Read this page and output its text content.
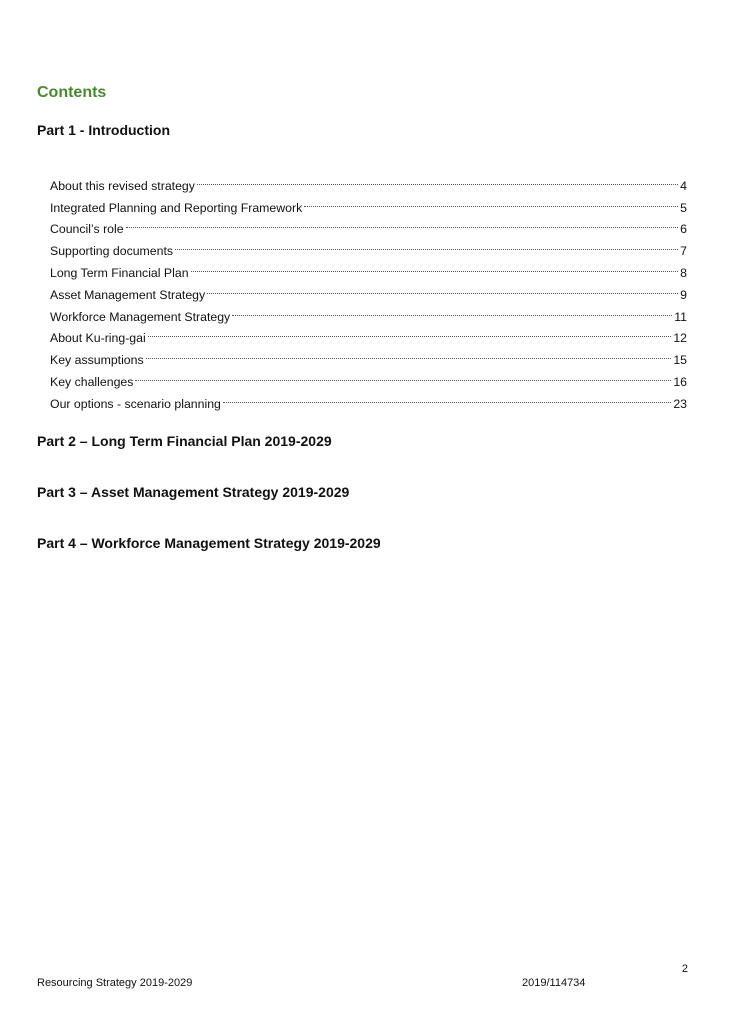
Contents
Part 1 - Introduction
About this revised strategy	4
Integrated Planning and Reporting Framework	5
Council’s role	6
Supporting documents	7
Long Term Financial Plan	8
Asset Management Strategy	9
Workforce Management Strategy	11
About Ku-ring-gai	12
Key assumptions	15
Key challenges	16
Our options - scenario planning	23
Part 2 – Long Term Financial Plan 2019-2029
Part 3 – Asset Management Strategy 2019-2029
Part 4 – Workforce Management Strategy 2019-2029
2
Resourcing Strategy 2019-2029	2019/114734
